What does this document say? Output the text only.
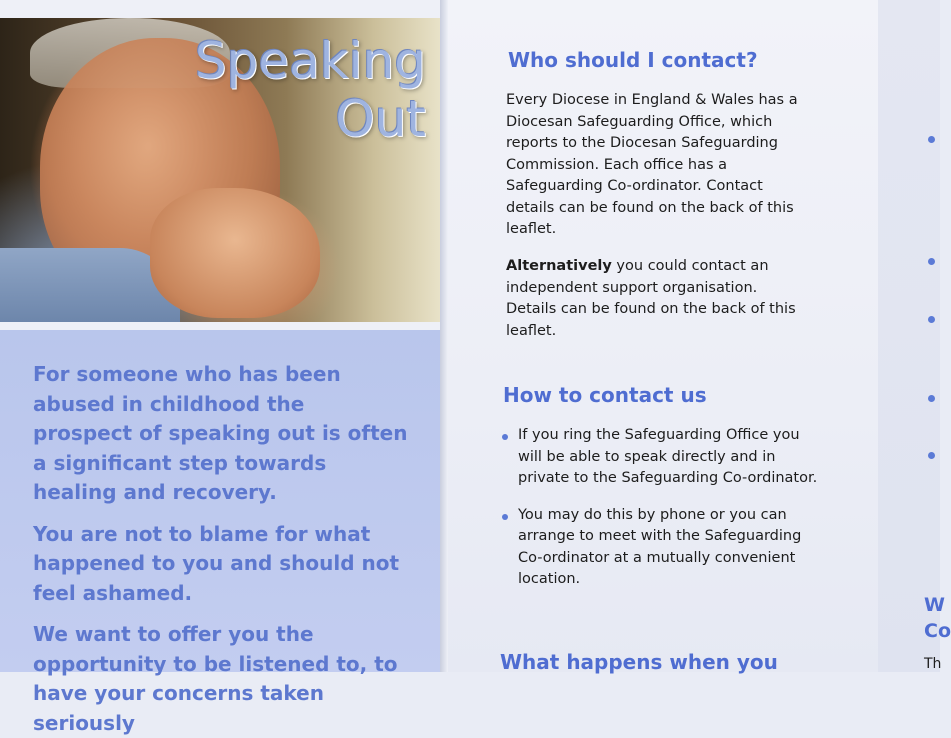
Speaking
Out

For someone who has been abused in childhood the prospect of speaking out is often a significant step towards healing and recovery.

You are not to blame for what happened to you and should not feel ashamed.

We want to offer you the opportunity to be listened to, to have your concerns taken seriously

Who should I contact?

Every Diocese in England & Wales has a Diocesan Safeguarding Office, which reports to the Diocesan Safeguarding Commission. Each office has a Safeguarding Co-ordinator. Contact details can be found on the back of this leaflet.

Alternatively you could contact an independent support organisation. Details can be found on the back of this leaflet.

How to contact us
If you ring the Safeguarding Office you will be able to speak directly and in private to the Safeguarding Co-ordinator.
You may do this by phone or you can arrange to meet with the Safeguarding Co-ordinator at a mutually convenient location.
What happens when you
W
Co
Th
